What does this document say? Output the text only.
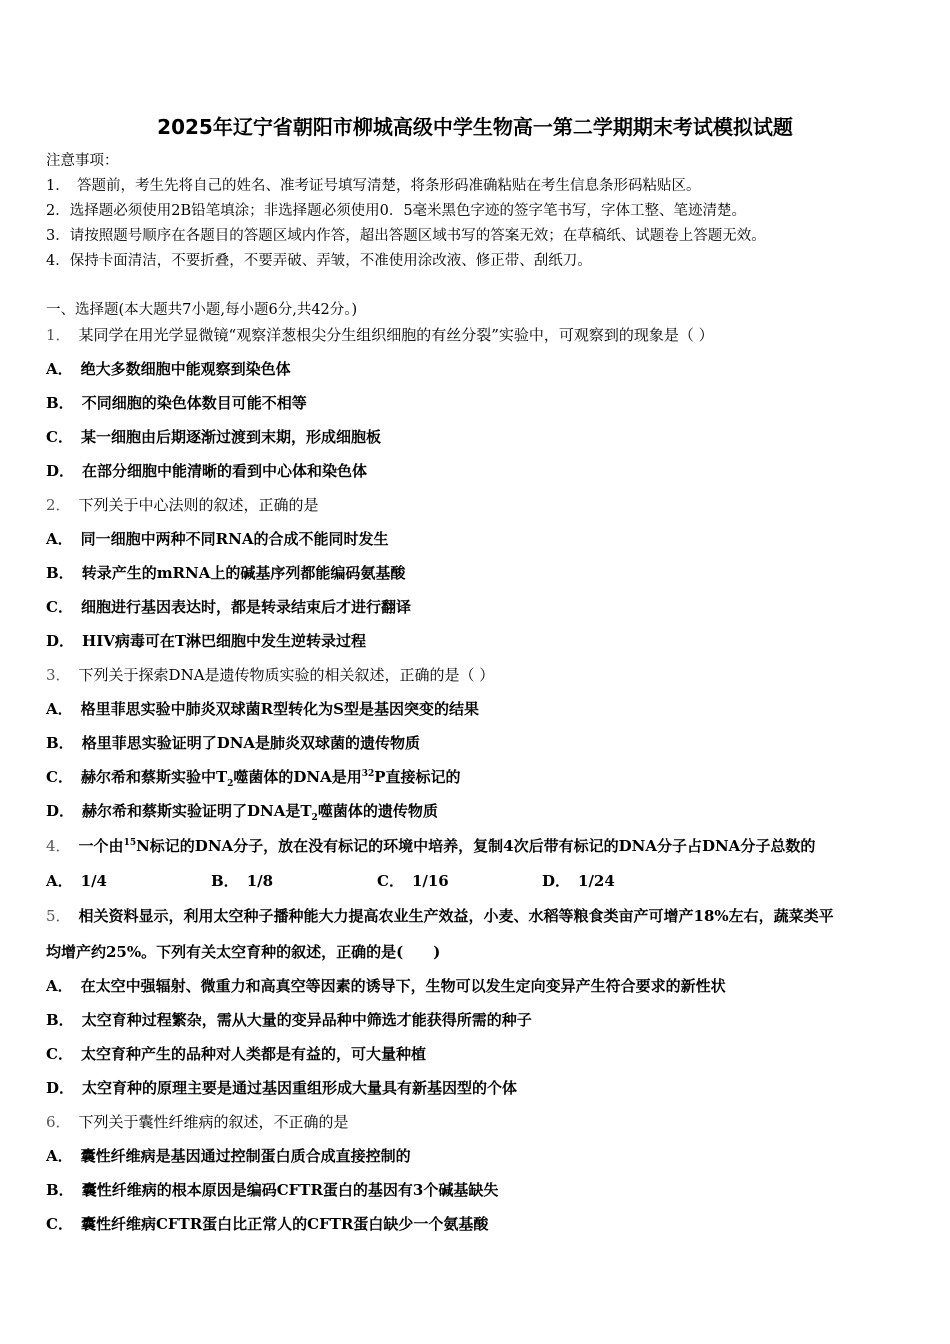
2025年辽宁省朝阳市柳城高级中学生物高一第二学期期末考试模拟试题
注意事项：
1．　答题前，考生先将自己的姓名、准考证号填写清楚，将条形码准确粘贴在考生信息条形码粘贴区。
2．选择题必须使用2B铅笔填涂；非选择题必须使用0．5毫米黑色字迹的签字笔书写，字体工整、笔迹清楚。
3．请按照题号顺序在各题目的答题区域内作答，超出答题区域书写的答案无效；在草稿纸、试题卷上答题无效。
4．保持卡面清洁，不要折叠，不要弄破、弄皱，不准使用涂改液、修正带、刮纸刀。
一、选择题(本大题共7小题,每小题6分,共42分。)
1． 某同学在用光学显微镜“观察洋葱根尖分生组织细胞的有丝分裂”实验中，可观察到的现象是（ ）
A． 绝大多数细胞中能观察到染色体
B． 不同细胞的染色体数目可能不相等
C． 某一细胞由后期逐渐过渡到末期，形成细胞板
D． 在部分细胞中能清晰的看到中心体和染色体
2． 下列关于中心法则的叙述，正确的是
A． 同一细胞中两种不同RNA的合成不能同时发生
B． 转录产生的mRNA上的碱基序列都能编码氨基酸
C． 细胞进行基因表达时，都是转录结束后才进行翻译
D． HIV病毒可在T淋巴细胞中发生逆转录过程
3． 下列关于探索DNA是遗传物质实验的相关叙述，正确的是（ ）
A． 格里菲思实验中肺炎双球菌R型转化为S型是基因突变的结果
B． 格里菲思实验证明了DNA是肺炎双球菌的遗传物质
C． 赫尔希和蔡斯实验中$T_2$噬菌体的DNA是用$^{32}$P直接标记的
D． 赫尔希和蔡斯实验证明了DNA是$T_2$噬菌体的遗传物质
4． 一个由$^{15}$N标记的DNA分子，放在没有标记的环境中培养，复制4次后带有标记的DNA分子占DNA分子总数的
A． 1/4	B． 1/8	C． 1/16	D． 1/24
5． 相关资料显示，利用太空种子播种能大力提高农业生产效益，小麦、水稻等粮食类亩产可增产18%左右，蔬菜类平
均增产约25%。下列有关太空育种的叙述，正确的是(　　)
A． 在太空中强辐射、微重力和高真空等因素的诱导下，生物可以发生定向变异产生符合要求的新性状
B． 太空育种过程繁杂，需从大量的变异品种中筛选才能获得所需的种子
C． 太空育种产生的品种对人类都是有益的，可大量种植
D． 太空育种的原理主要是通过基因重组形成大量具有新基因型的个体
6． 下列关于囊性纤维病的叙述，不正确的是
A． 囊性纤维病是基因通过控制蛋白质合成直接控制的
B． 囊性纤维病的根本原因是编码CFTR蛋白的基因有3个碱基缺失
C． 囊性纤维病CFTR蛋白比正常人的CFTR蛋白缺少一个氨基酸
